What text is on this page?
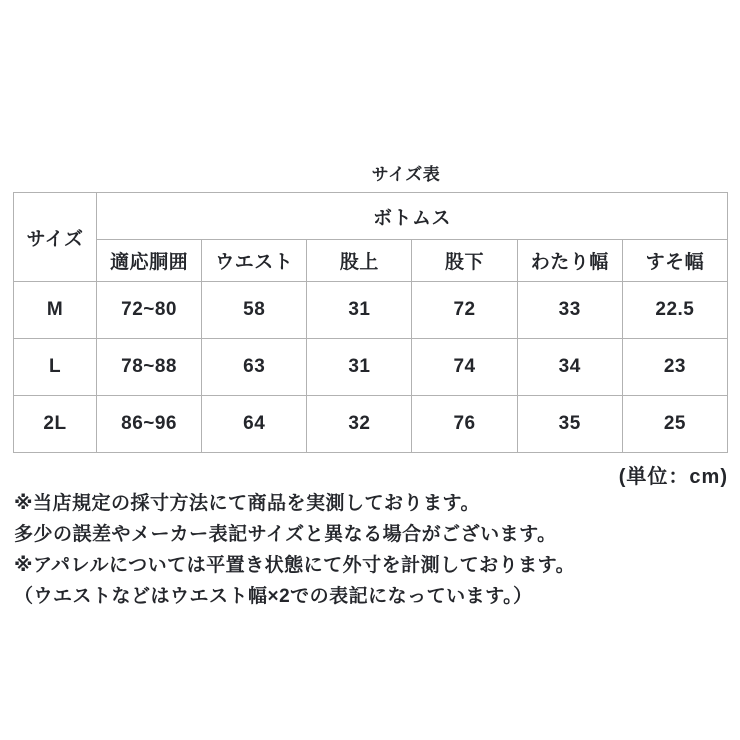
サイズ表
サイズ	ボトムス					
	適応胴囲	ウエスト	股上	股下	わたり幅	すそ幅
M	72~80	58	31	72	33	22.5
L	78~88	63	31	74	34	23
2L	86~96	64	32	76	35	25
(単位：cm)
※当店規定の採寸方法にて商品を実測しております。
多少の誤差やメーカー表記サイズと異なる場合がございます。
※アパレルについては平置き状態にて外寸を計測しております。
（ウエストなどはウエスト幅×2での表記になっています。）
